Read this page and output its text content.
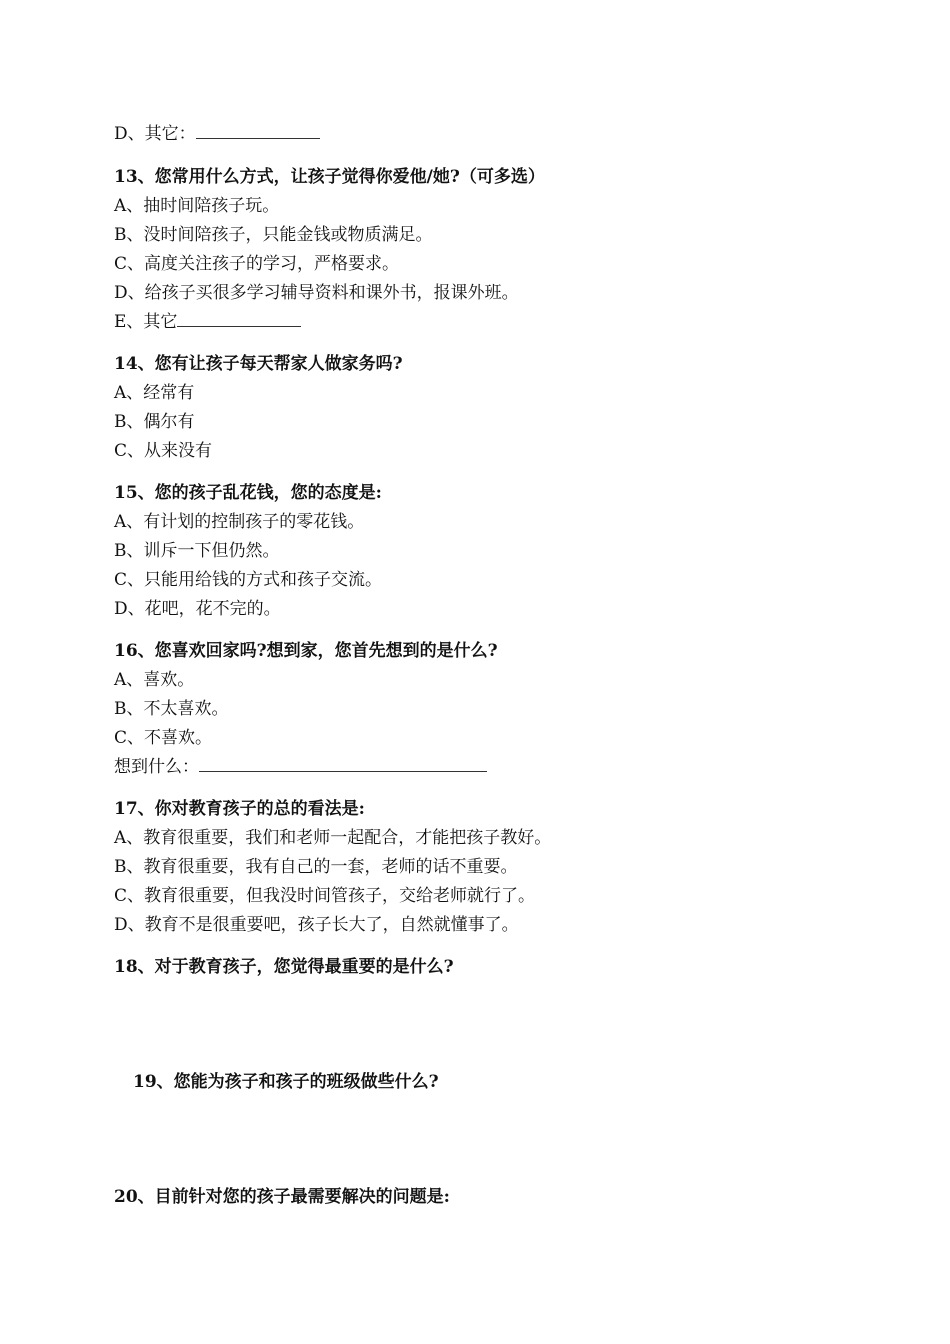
D、其它：
13、您常用什么方式，让孩子觉得你爱他/她?（可多选）
A、抽时间陪孩子玩。
B、没时间陪孩子，只能金钱或物质满足。
C、高度关注孩子的学习，严格要求。
D、给孩子买很多学习辅导资料和课外书，报课外班。
E、其它
14、您有让孩子每天帮家人做家务吗?
A、经常有
B、偶尔有
C、从来没有
15、您的孩子乱花钱，您的态度是:
A、有计划的控制孩子的零花钱。
B、训斥一下但仍然。
C、只能用给钱的方式和孩子交流。
D、花吧，花不完的。
16、您喜欢回家吗?想到家，您首先想到的是什么?
A、喜欢。
B、不太喜欢。
C、不喜欢。
想到什么：
17、你对教育孩子的总的看法是:
A、教育很重要，我们和老师一起配合，才能把孩子教好。
B、教育很重要，我有自己的一套，老师的话不重要。
C、教育很重要，但我没时间管孩子，交给老师就行了。
D、教育不是很重要吧，孩子长大了，自然就懂事了。
18、对于教育孩子，您觉得最重要的是什么?
19、您能为孩子和孩子的班级做些什么?
20、目前针对您的孩子最需要解决的问题是:
